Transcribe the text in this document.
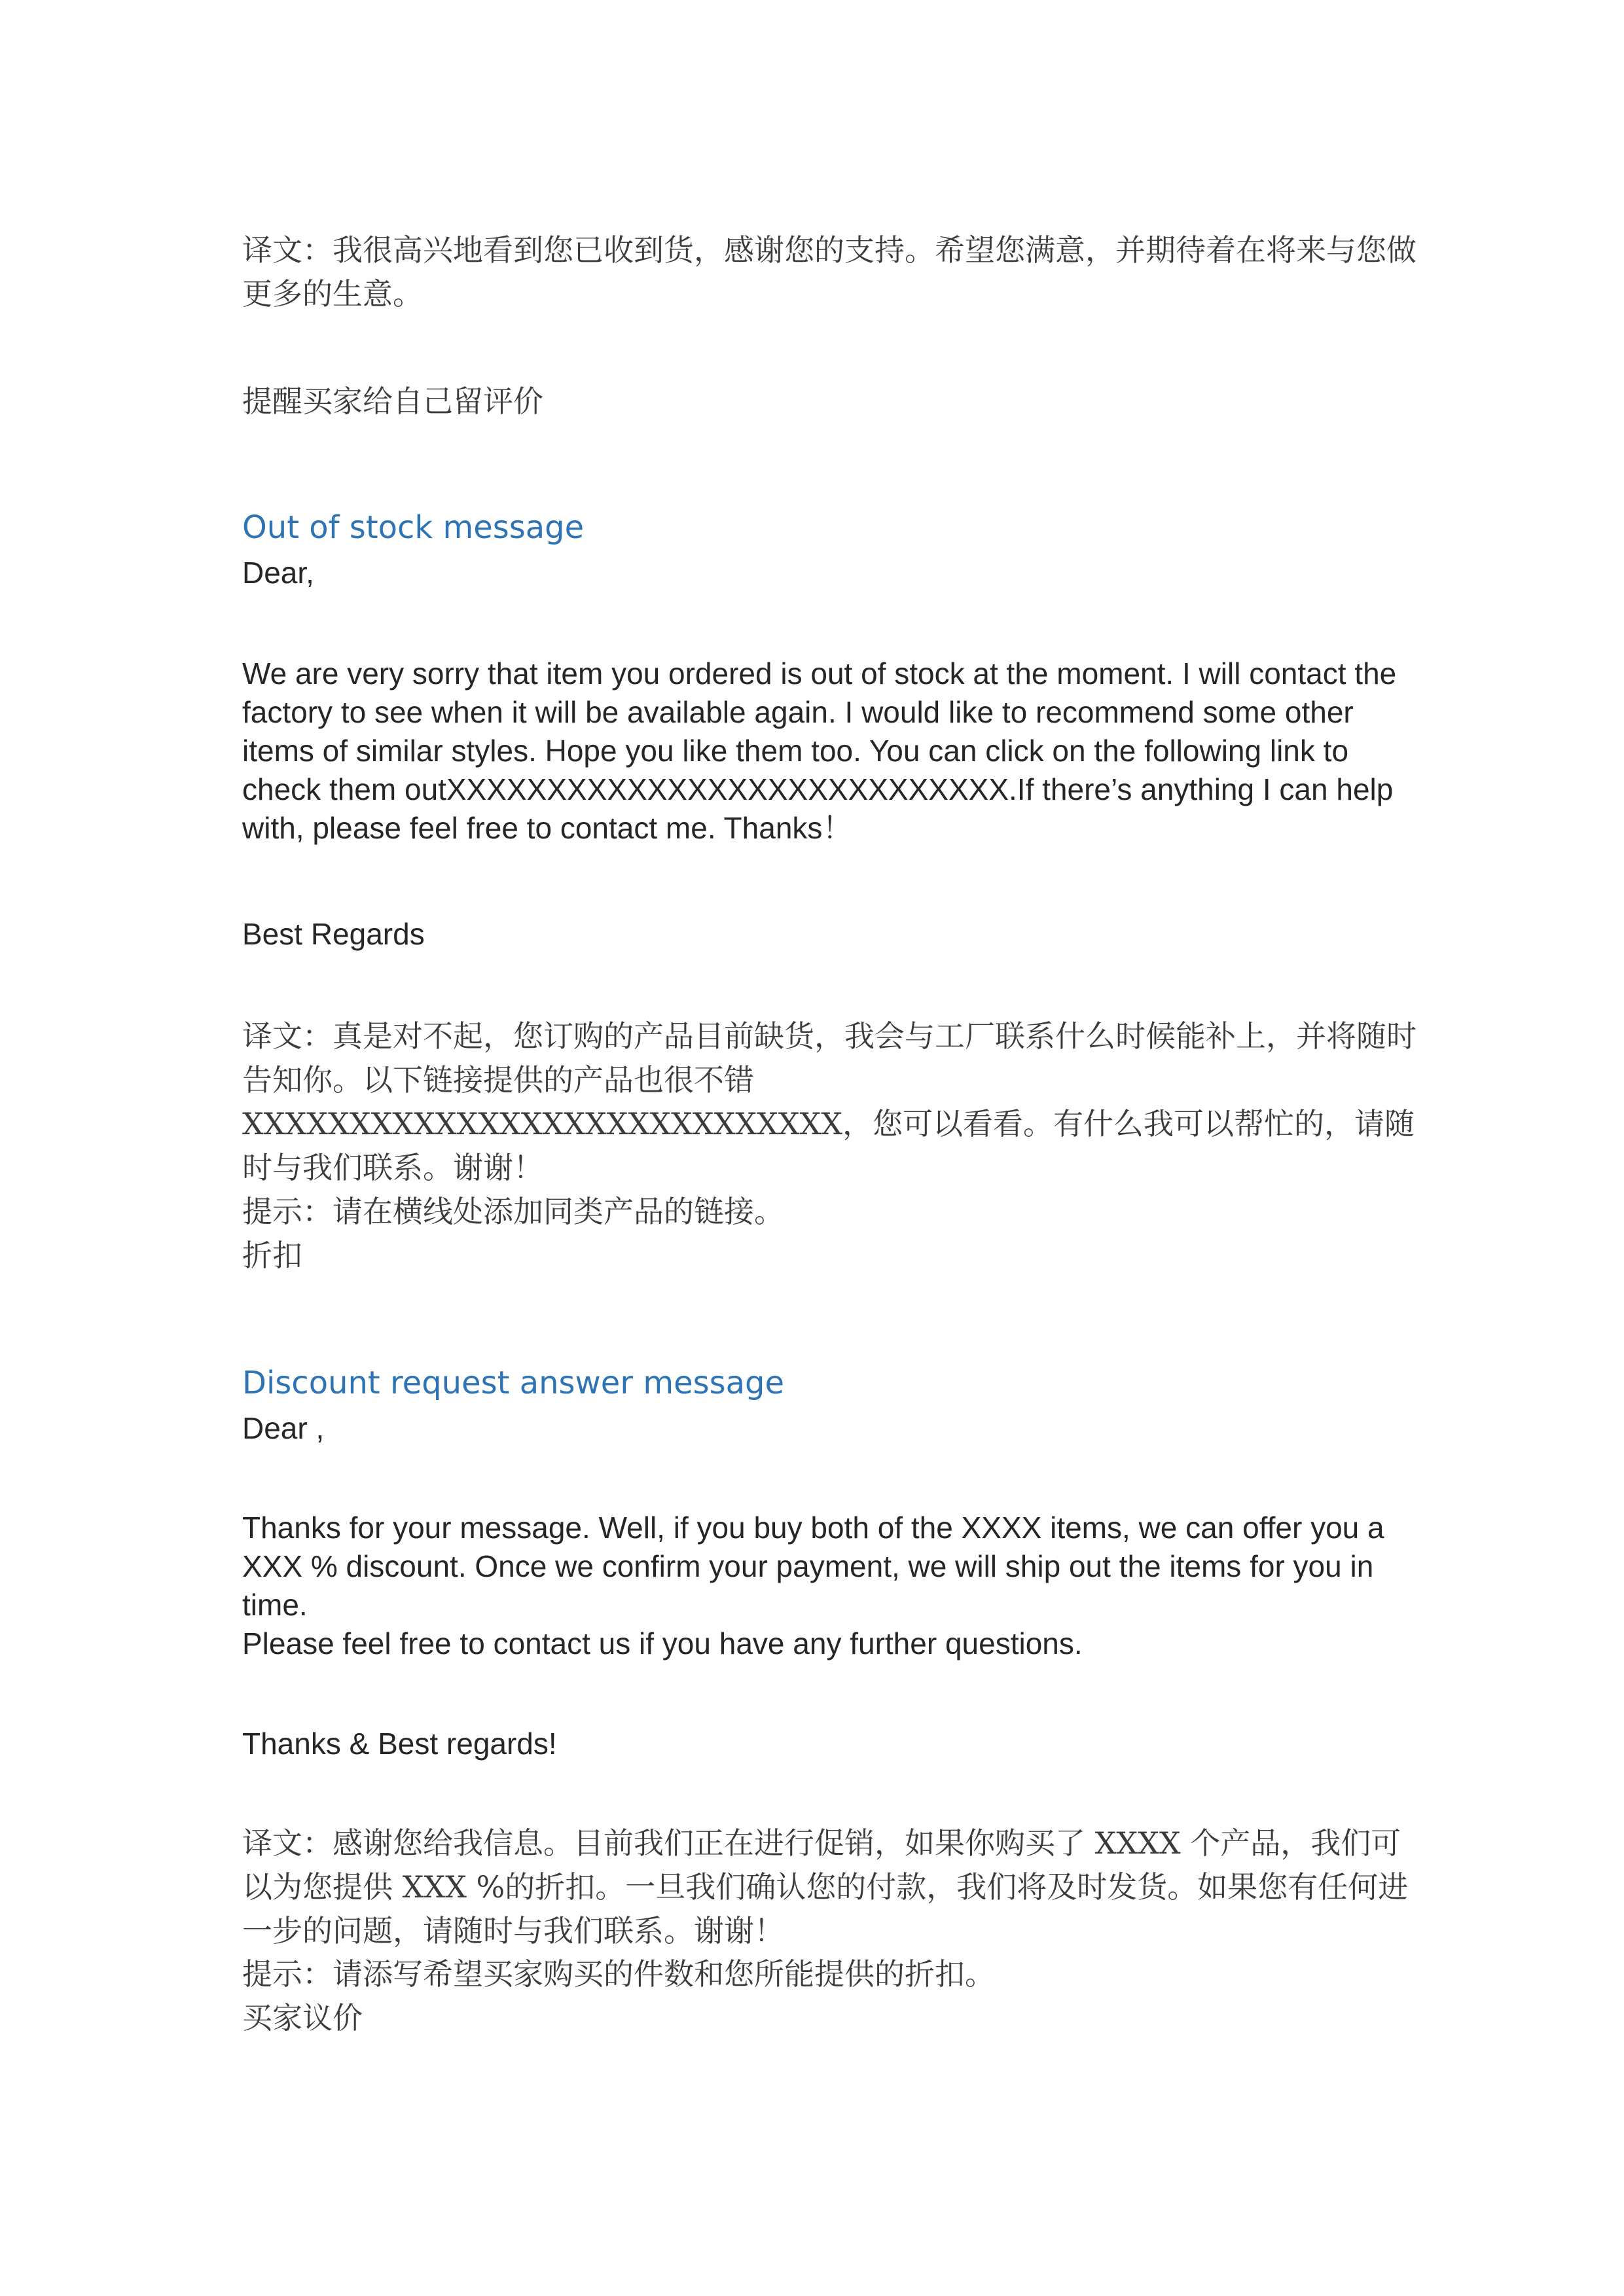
译文：我很高兴地看到您已收到货，感谢您的支持。希望您满意，并期待着在将来与您做更多的生意。

提醒买家给自己留评价

Out of stock message

Dear,

We are very sorry that item you ordered is out of stock at the moment. I will contact the factory to see when it will be available again. I would like to recommend some other items of similar styles. Hope you like them too. You can click on the following link to check them outXXXXXXXXXXXXXXXXXXXXXXXXXXXX.If there’s anything I can help with, please feel free to contact me. Thanks！

Best Regards

译文：真是对不起，您订购的产品目前缺货，我会与工厂联系什么时候能补上，并将随时告知你。以下链接提供的产品也很不错
XXXXXXXXXXXXXXXXXXXXXXXXXXXX，您可以看看。有什么我可以帮忙的，请随时与我们联系。谢谢！

提示：请在横线处添加同类产品的链接。

折扣

Discount request answer message

Dear ,

Thanks for your message. Well, if you buy both of the XXXX items, we can offer you a XXX % discount. Once we confirm your payment, we will ship out the items for you in time.

Please feel free to contact us if you have any further questions.

Thanks & Best regards!

译文：感谢您给我信息。目前我们正在进行促销，如果你购买了 XXXX 个产品，我们可以为您提供 XXX %的折扣。一旦我们确认您的付款，我们将及时发货。如果您有任何进一步的问题，请随时与我们联系。谢谢！

提示：请添写希望买家购买的件数和您所能提供的折扣。

买家议价
